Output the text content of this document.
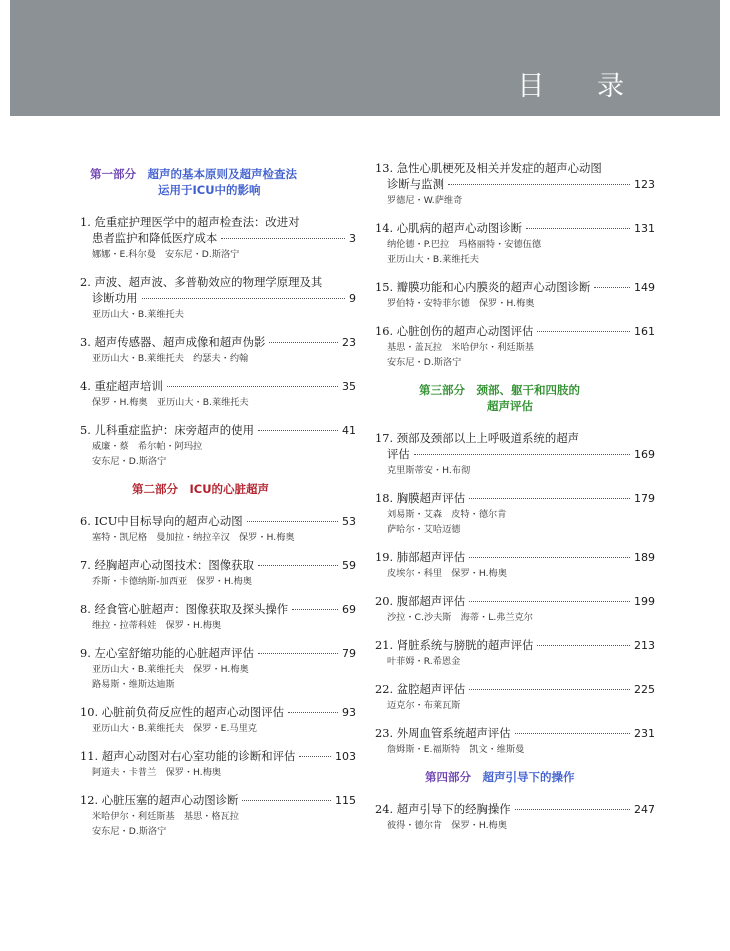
目 录
第一部分　 超声的基本原则及超声检查法
运用于ICU中的影响
1. 危重症护理医学中的超声检查法：改进对
患者监护和降低医疗成本	3
娜娜・E.科尔曼　安东尼・D.斯洛宁
2. 声波、超声波、多普勒效应的物理学原理及其
诊断功用	9
亚历山大・B.莱维托夫
3. 超声传感器、超声成像和超声伪影	23
亚历山大・B.莱维托夫　约瑟夫・约翰
4. 重症超声培训	35
保罗・H.梅奥　亚历山大・B.莱维托夫
5. 儿科重症监护：床旁超声的使用	41
威廉・蔡　希尔帕・阿玛拉
安东尼・D.斯洛宁
第二部分　 ICU的心脏超声
6. ICU中目标导向的超声心动图	53
塞特・凯尼格　曼加拉・纳拉辛汉　保罗・H.梅奥
7. 经胸超声心动图技术：图像获取	59
乔斯・卡德纳斯-加西亚　保罗・H.梅奥
8. 经食管心脏超声：图像获取及探头操作	69
维拉・拉蒂科娃　保罗・H.梅奥
9. 左心室舒缩功能的心脏超声评估	79
亚历山大・B.莱维托夫　保罗・H.梅奥
路易斯・维斯达迪斯
10. 心脏前负荷反应性的超声心动图评估	93
亚历山大・B.莱维托夫　保罗・E.马里克
11. 超声心动图对右心室功能的诊断和评估	103
阿道夫・卡普兰　保罗・H.梅奥
12. 心脏压塞的超声心动图诊断	115
米哈伊尔・利廷斯基　基思・格瓦拉
安东尼・D.斯洛宁
13. 急性心肌梗死及相关并发症的超声心动图
诊断与监测	123
罗德尼・W.萨维奇
14. 心肌病的超声心动图诊断	131
纳伦德・P.巴拉　玛格丽特・安德伍德
亚历山大・B.莱维托夫
15. 瓣膜功能和心内膜炎的超声心动图诊断	149
罗伯特・安特菲尔德　保罗・H.梅奥
16. 心脏创伤的超声心动图评估	161
基思・盖瓦拉　米哈伊尔・利廷斯基
安东尼・D.斯洛宁
第三部分　 颈部、躯干和四肢的
超声评估
17. 颈部及颈部以上上呼吸道系统的超声
评估	169
克里斯蒂安・H.布彻
18. 胸膜超声评估	179
刘易斯・艾森　皮特・德尔肯
萨哈尔・艾哈迈德
19. 肺部超声评估	189
皮埃尔・科里　保罗・H.梅奥
20. 腹部超声评估	199
沙拉・C.沙夫斯　海蒂・L.弗兰克尔
21. 肾脏系统与膀胱的超声评估	213
叶菲姆・R.希恩金
22. 盆腔超声评估	225
迈克尔・布莱瓦斯
23. 外周血管系统超声评估	231
詹姆斯・E.福斯特　凯文・维斯曼
第四部分　 超声引导下的操作
24. 超声引导下的经胸操作	247
彼得・德尔肯　保罗・H.梅奥
